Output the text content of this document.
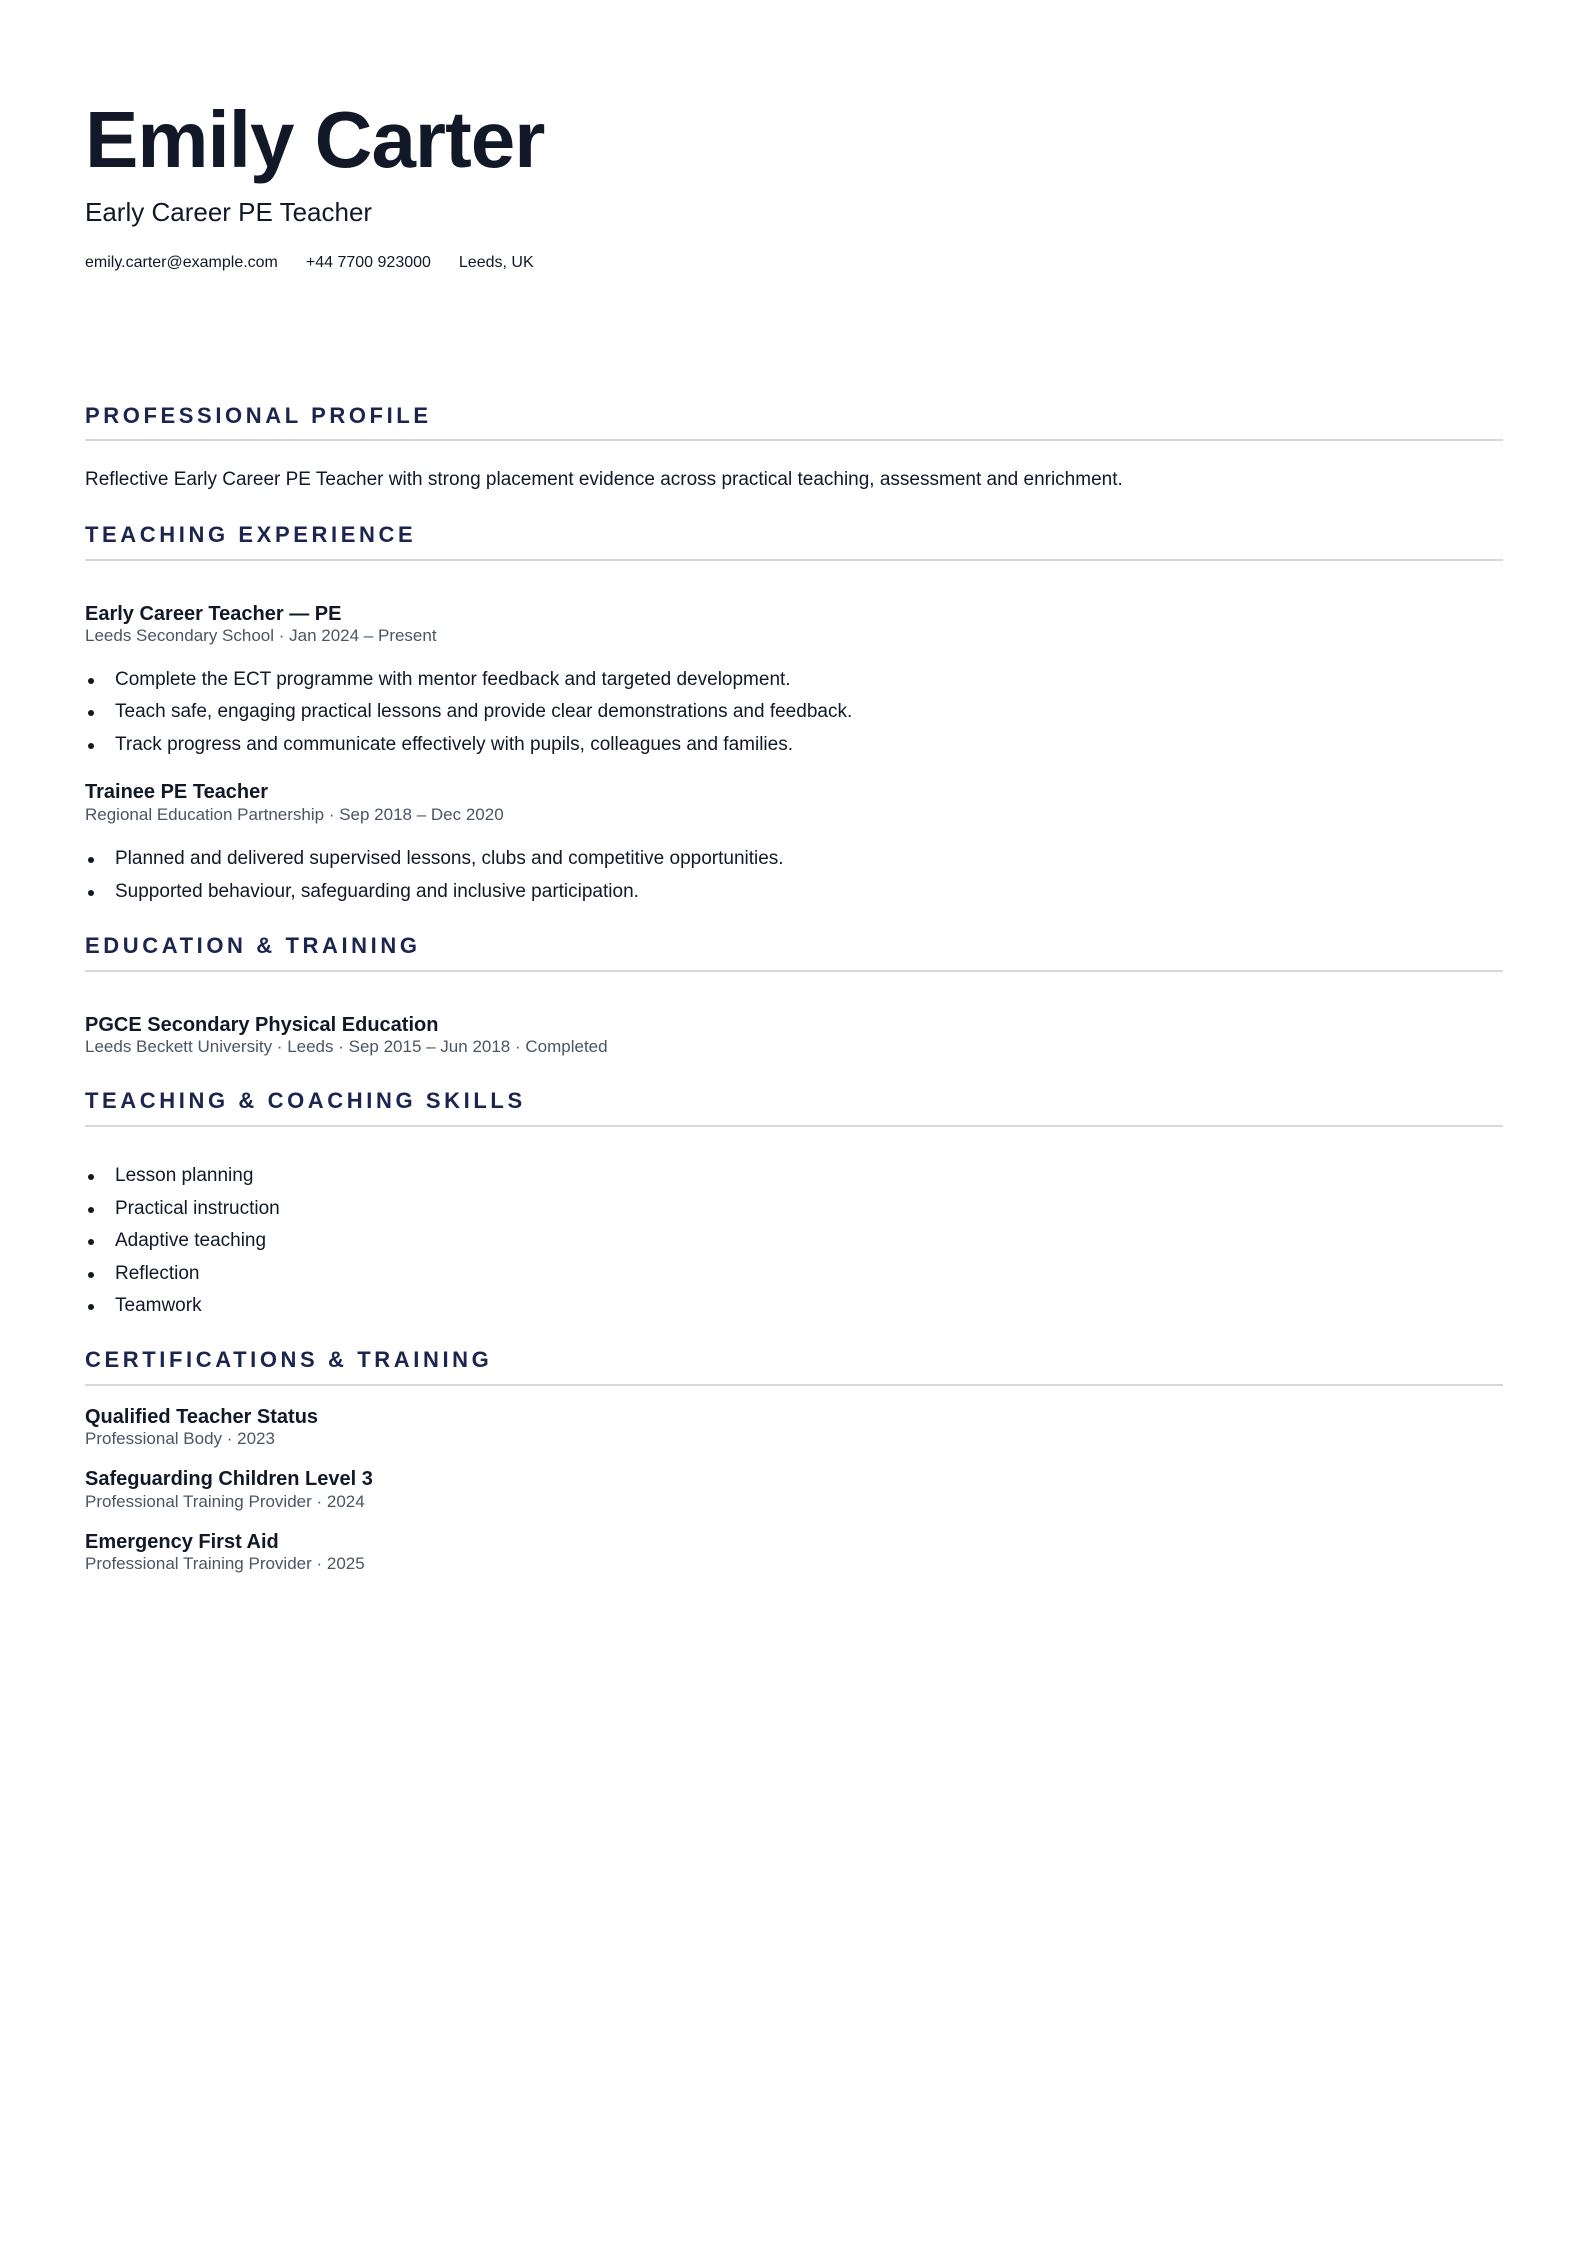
Emily Carter
Early Career PE Teacher
emily.carter@example.com +44 7700 923000 Leeds, UK
PROFESSIONAL PROFILE
Reflective Early Career PE Teacher with strong placement evidence across practical teaching, assessment and enrichment.
TEACHING EXPERIENCE
Early Career Teacher — PE
Leeds Secondary School · Jan 2024 – Present
Complete the ECT programme with mentor feedback and targeted development.
Teach safe, engaging practical lessons and provide clear demonstrations and feedback.
Track progress and communicate effectively with pupils, colleagues and families.
Trainee PE Teacher
Regional Education Partnership · Sep 2018 – Dec 2020
Planned and delivered supervised lessons, clubs and competitive opportunities.
Supported behaviour, safeguarding and inclusive participation.
EDUCATION & TRAINING
PGCE Secondary Physical Education
Leeds Beckett University · Leeds · Sep 2015 – Jun 2018 · Completed
TEACHING & COACHING SKILLS
Lesson planning
Practical instruction
Adaptive teaching
Reflection
Teamwork
CERTIFICATIONS & TRAINING
Qualified Teacher Status
Professional Body · 2023
Safeguarding Children Level 3
Professional Training Provider · 2024
Emergency First Aid
Professional Training Provider · 2025
